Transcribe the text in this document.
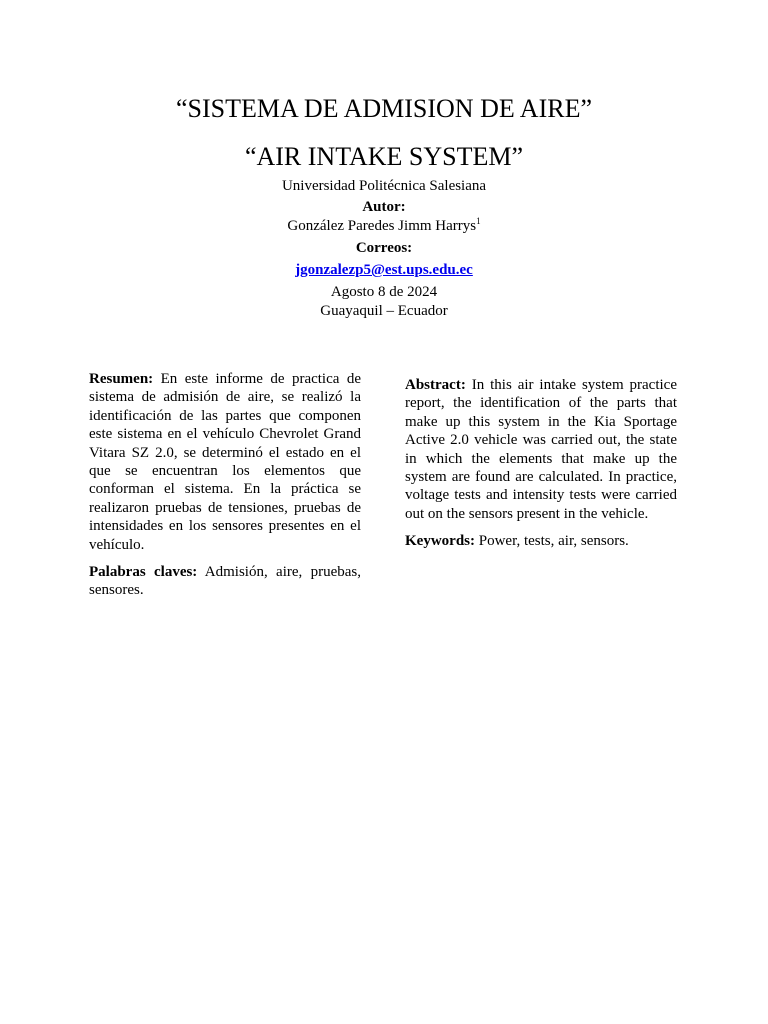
“SISTEMA DE ADMISION DE AIRE”
“AIR INTAKE SYSTEM”
Universidad Politécnica Salesiana
Autor:
González Paredes Jimm Harrys$^1$
Correos:
jgonzalezp5@est.ups.edu.ec
Agosto 8 de 2024
Guayaquil – Ecuador

Resumen: En este informe de practica de sistema de admisión de aire, se realizó la identificación de las partes que componen este sistema en el vehículo Chevrolet Grand Vitara SZ 2.0, se determinó el estado en el que se encuentran los elementos que conforman el sistema. En la práctica se realizaron pruebas de tensiones, pruebas de intensidades en los sensores presentes en el vehículo.

Palabras claves: Admisión, aire, pruebas, sensores.

Abstract: In this air intake system practice report, the identification of the parts that make up this system in the Kia Sportage Active 2.0 vehicle was carried out, the state in which the elements that make up the system are found are calculated. In practice, voltage tests and intensity tests were carried out on the sensors present in the vehicle.

Keywords: Power, tests, air, sensors.
